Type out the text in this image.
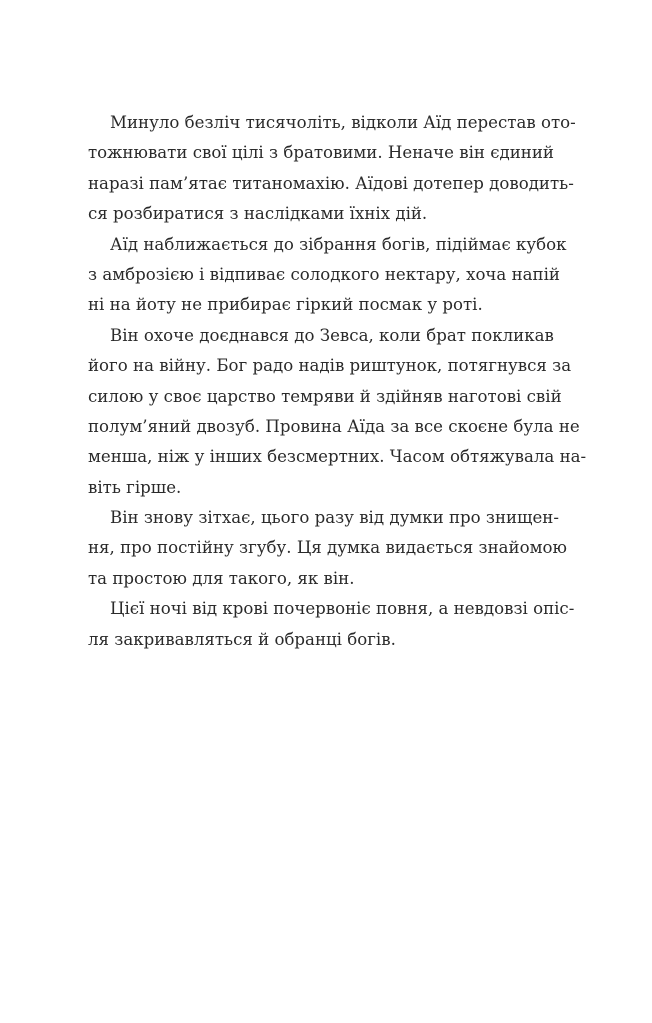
Минуло безліч тисячоліть, відколи Аїд перестав ото-
тожнювати свої цілі з братовими. Неначе він єдиний
наразі пам’ятає титаномахію. Аїдові дотепер доводить-
ся розбиратися з наслідками їхніх дій.
Аїд наближається до зібрання богів, підіймає кубок
з амброзією і відпиває солодкого нектару, хоча напій
ні на йоту не прибирає гіркий посмак у роті.
Він охоче доєднався до Зевса, коли брат покликав
його на війну. Бог радо надів риштунок, потягнувся за
силою у своє царство темряви й здійняв наготові свій
полум’яний двозуб. Провина Аїда за все скоєне була не
менша, ніж у інших безсмертних. Часом обтяжувала на-
віть гірше.
Він знову зітхає, цього разу від думки про знищен-
ня, про постійну згубу. Ця думка видається знайомою
та простою для такого, як він.
Цієї ночі від крові почервоніє повня, а невдовзі опіс-
ля закривавляться й обранці богів.
